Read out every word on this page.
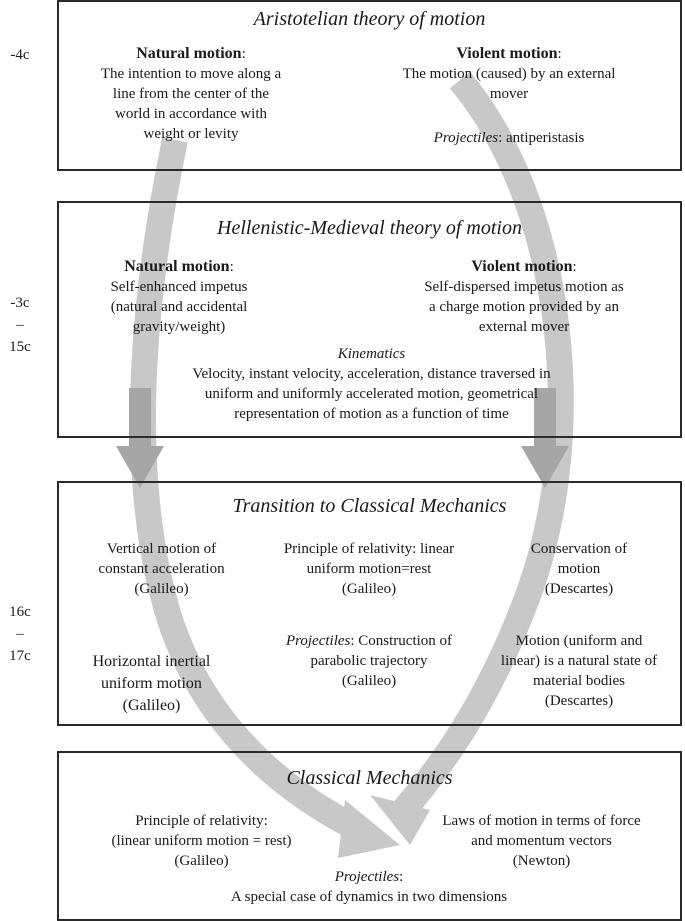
-4c
-3c
–
15c
16c
–
17c
Aristotelian theory of motion
Natural motion:
The intention to move along a
line from the center of the
world in accordance with
weight or levity
Violent motion:
The motion (caused) by an external
mover
Projectiles: antiperistasis
Hellenistic-Medieval theory of motion
Natural motion:
Self-enhanced impetus
(natural and accidental
gravity/weight)
Violent motion:
Self-dispersed impetus motion as
a charge motion provided by an
external mover
Kinematics
Velocity, instant velocity, acceleration, distance traversed in
uniform and uniformly accelerated motion, geometrical
representation of motion as a function of time
Transition to Classical Mechanics
Vertical motion of
constant acceleration
(Galileo)
Principle of relativity: linear
uniform motion=rest
(Galileo)
Conservation of
motion
(Descartes)
Horizontal inertial
uniform motion
(Galileo)
Projectiles: Construction of
parabolic trajectory
(Galileo)
Motion (uniform and
linear) is a natural state of
material bodies
(Descartes)
Classical Mechanics
Principle of relativity:
(linear uniform motion = rest)
(Galileo)
Laws of motion in terms of force
and momentum vectors
(Newton)
Projectiles:
A special case of dynamics in two dimensions
